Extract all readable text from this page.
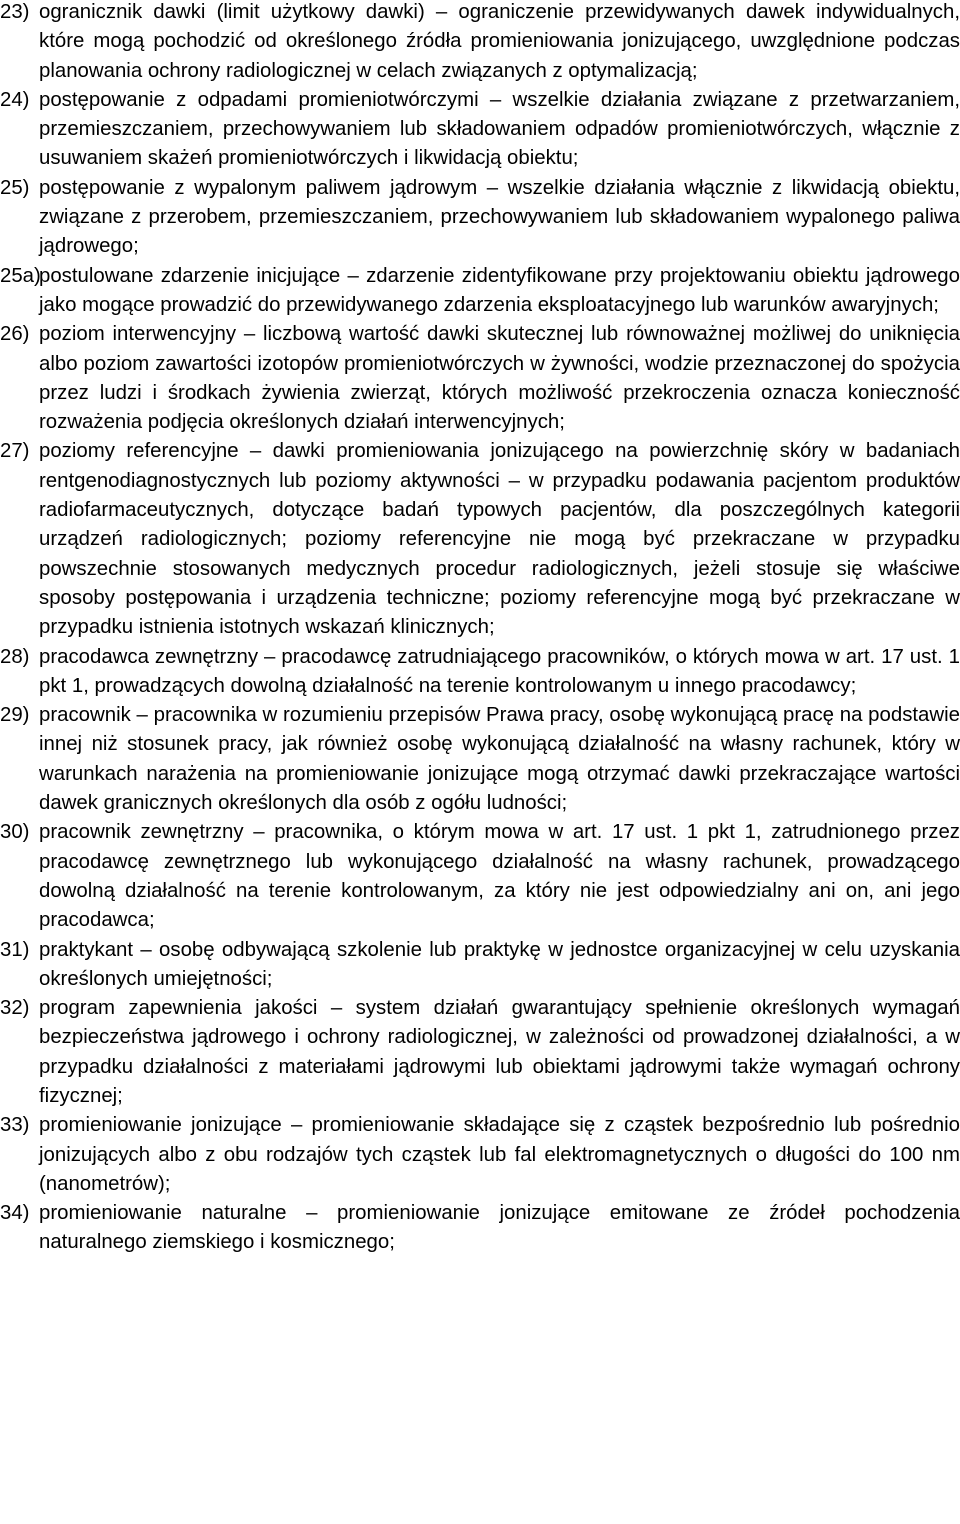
23) ogranicznik dawki (limit użytkowy dawki) – ograniczenie przewidywanych dawek indywidualnych, które mogą pochodzić od określonego źródła promieniowania jonizującego, uwzględnione podczas planowania ochrony radiologicznej w celach związanych z optymalizacją;
24) postępowanie z odpadami promieniotwórczymi – wszelkie działania związane z przetwarzaniem, przemieszczaniem, przechowywaniem lub składowaniem odpadów promieniotwórczych, włącznie z usuwaniem skażeń promieniotwórczych i likwidacją obiektu;
25) postępowanie z wypalonym paliwem jądrowym – wszelkie działania włącznie z likwidacją obiektu, związane z przerobem, przemieszczaniem, przechowywaniem lub składowaniem wypalonego paliwa jądrowego;
25a)
postulowane zdarzenie inicjujące – zdarzenie zidentyfikowane przy projektowaniu obiektu jądrowego jako mogące prowadzić do przewidywanego zdarzenia eksploatacyjnego lub warunków awaryjnych;
26) poziom interwencyjny – liczbową wartość dawki skutecznej lub równoważnej możliwej do uniknięcia albo poziom zawartości izotopów promieniotwórczych w żywności, wodzie przeznaczonej do spożycia przez ludzi i środkach żywienia zwierząt, których możliwość przekroczenia oznacza konieczność rozważenia podjęcia określonych działań interwencyjnych;
27) poziomy referencyjne – dawki promieniowania jonizującego na powierzchnię skóry w badaniach rentgenodiagnostycznych lub poziomy aktywności – w przypadku podawania pacjentom produktów radiofarmaceutycznych, dotyczące badań typowych pacjentów, dla poszczególnych kategorii urządzeń radiologicznych; poziomy referencyjne nie mogą być przekraczane w przypadku powszechnie stosowanych medycznych procedur radiologicznych, jeżeli stosuje się właściwe sposoby postępowania i urządzenia techniczne; poziomy referencyjne mogą być przekraczane w przypadku istnienia istotnych wskazań klinicznych;
28) pracodawca zewnętrzny – pracodawcę zatrudniającego pracowników, o których mowa w art. 17 ust. 1 pkt 1, prowadzących dowolną działalność na terenie kontrolowanym u innego pracodawcy;
29) pracownik – pracownika w rozumieniu przepisów Prawa pracy, osobę wykonującą pracę na podstawie innej niż stosunek pracy, jak również osobę wykonującą działalność na własny rachunek, który w warunkach narażenia na promieniowanie jonizujące mogą otrzymać dawki przekraczające wartości dawek granicznych określonych dla osób z ogółu ludności;
30) pracownik zewnętrzny – pracownika, o którym mowa w art. 17 ust. 1 pkt 1, zatrudnionego przez pracodawcę zewnętrznego lub wykonującego działalność na własny rachunek, prowadzącego dowolną działalność na terenie kontrolowanym, za który nie jest odpowiedzialny ani on, ani jego pracodawca;
31) praktykant – osobę odbywającą szkolenie lub praktykę w jednostce organizacyjnej w celu uzyskania określonych umiejętności;
32) program zapewnienia jakości – system działań gwarantujący spełnienie określonych wymagań bezpieczeństwa jądrowego i ochrony radiologicznej, w zależności od prowadzonej działalności, a w przypadku działalności z materiałami jądrowymi lub obiektami jądrowymi także wymagań ochrony fizycznej;
33) promieniowanie jonizujące – promieniowanie składające się z cząstek bezpośrednio lub pośrednio jonizujących albo z obu rodzajów tych cząstek lub fal elektromagnetycznych o długości do 100 nm (nanometrów);
34) promieniowanie naturalne – promieniowanie jonizujące emitowane ze źródeł pochodzenia naturalnego ziemskiego i kosmicznego;
